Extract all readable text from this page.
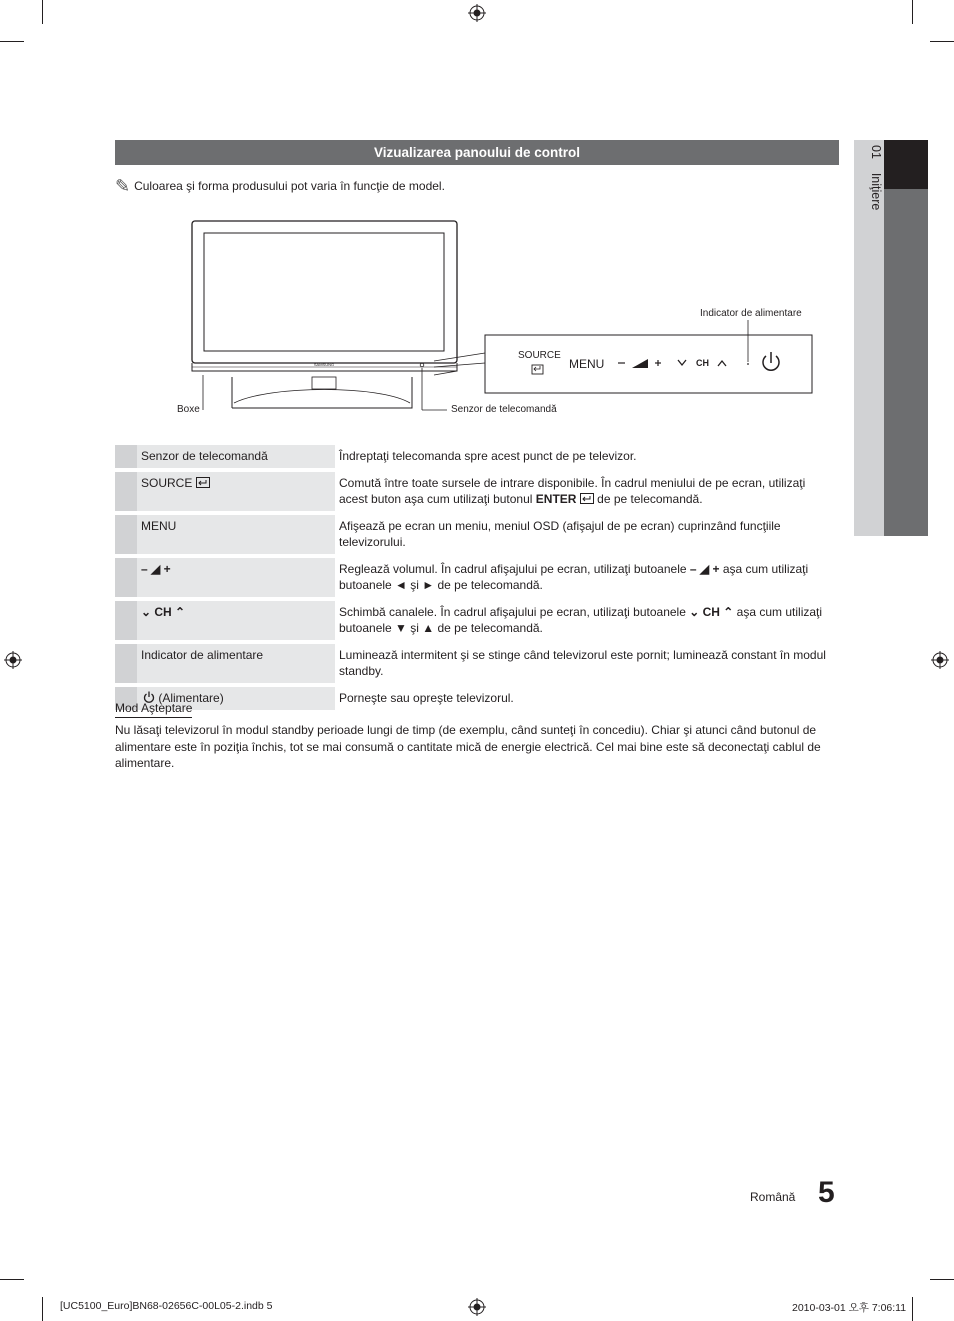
01    Iniţiere
Vizualizarea panoului de control
✎ Culoarea şi forma produsului pot varia în funcţie de model.
SAMSUNG
SOURCE
MENU	CH
Indicator de alimentare
Boxe	Senzor de telecomandă
	Senzor de telecomandă	Îndreptaţi telecomanda spre acest punct de pe televizor.
	SOURCE	Comută între toate sursele de intrare disponibile. În cadrul meniului de pe ecran, utilizaţi acest buton aşa cum utilizaţi butonul ENTER de pe telecomandă.
	MENU	Afişează pe ecran un meniu, meniul OSD (afişajul de pe ecran) cuprinzând funcţiile televizorului.
	– ◢ +	Reglează volumul. În cadrul afişajului pe ecran, utilizaţi butoanele – ◢ + aşa cum utilizaţi butoanele ◄ şi ► de pe telecomandă.
	⌄ CH ⌃	Schimbă canalele. În cadrul afişajului pe ecran, utilizaţi butoanele ⌄ CH ⌃ aşa cum utilizaţi butoanele ▼ şi ▲ de pe telecomandă.
	Indicator de alimentare	Luminează intermitent şi se stinge când televizorul este pornit; luminează constant în modul standby.
	(Alimentare)	Porneşte sau opreşte televizorul.
Mod Aşteptare
Nu lăsaţi televizorul în modul standby perioade lungi de timp (de exemplu, când sunteţi în concediu). Chiar şi atunci când butonul de alimentare este în poziţia închis, tot se mai consumă o cantitate mică de energie electrică. Cel mai bine este să deconectaţi cablul de alimentare.
Română 5
[UC5100_Euro]BN68-02656C-00L05-2.indb 5	2010-03-01 오후 7:06:11
